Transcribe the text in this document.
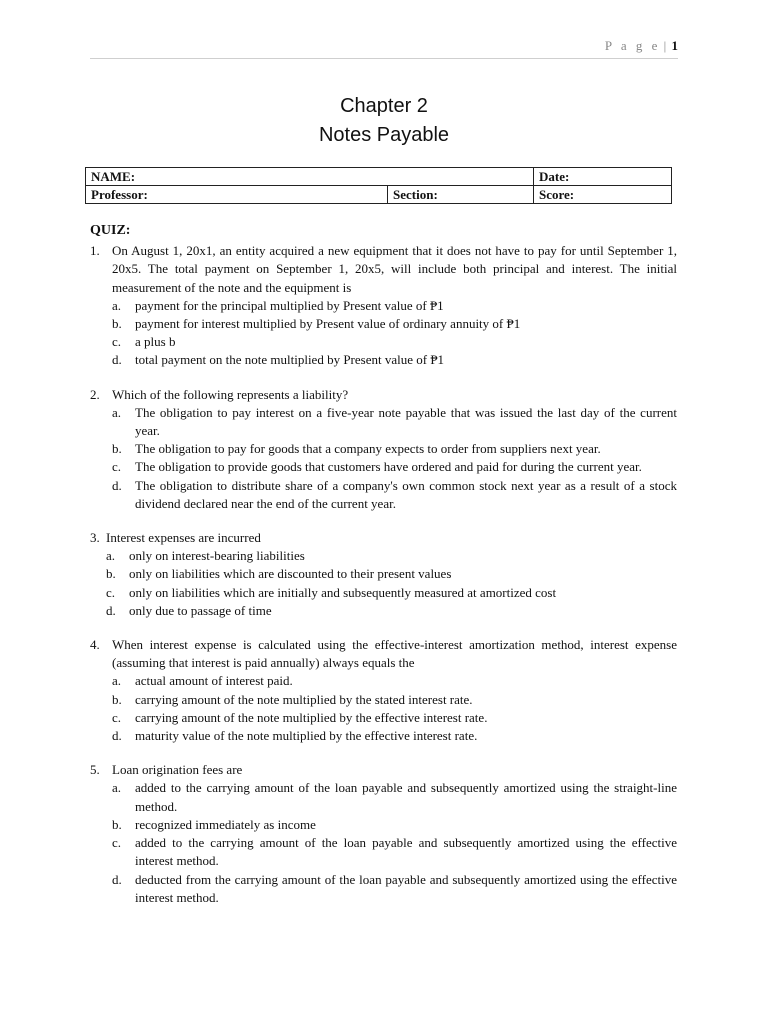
P a g e | 1
Chapter 2
Notes Payable
NAME:		Date:
Professor:	Section:	Score:
QUIZ:
1. On August 1, 20x1, an entity acquired a new equipment that it does not have to pay for until September 1, 20x5. The total payment on September 1, 20x5, will include both principal and interest. The initial measurement of the note and the equipment is
a.	payment for the principal multiplied by Present value of ₱1
b.	payment for interest multiplied by Present value of ordinary annuity of ₱1
c.	a plus b
d.	total payment on the note multiplied by Present value of ₱1
2. Which of the following represents a liability?
a.	The obligation to pay interest on a five-year note payable that was issued the last day of the current year.
b.	The obligation to pay for goods that a company expects to order from suppliers next year.
c.	The obligation to provide goods that customers have ordered and paid for during the current year.
d.	The obligation to distribute share of a company's own common stock next year as a result of a stock dividend declared near the end of the current year.
3. Interest expenses are incurred
a.	only on interest-bearing liabilities
b.	only on liabilities which are discounted to their present values
c.	only on liabilities which are initially and subsequently measured at amortized cost
d.	only due to passage of time
4. When interest expense is calculated using the effective-interest amortization method, interest expense (assuming that interest is paid annually) always equals the
a.	actual amount of interest paid.
b.	carrying amount of the note multiplied by the stated interest rate.
c.	carrying amount of the note multiplied by the effective interest rate.
d.	maturity value of the note multiplied by the effective interest rate.
5. Loan origination fees are
a.	added to the carrying amount of the loan payable and subsequently amortized using the straight-line method.
b.	recognized immediately as income
c.	added to the carrying amount of the loan payable and subsequently amortized using the effective interest method.
d.	deducted from the carrying amount of the loan payable and subsequently amortized using the effective interest method.
